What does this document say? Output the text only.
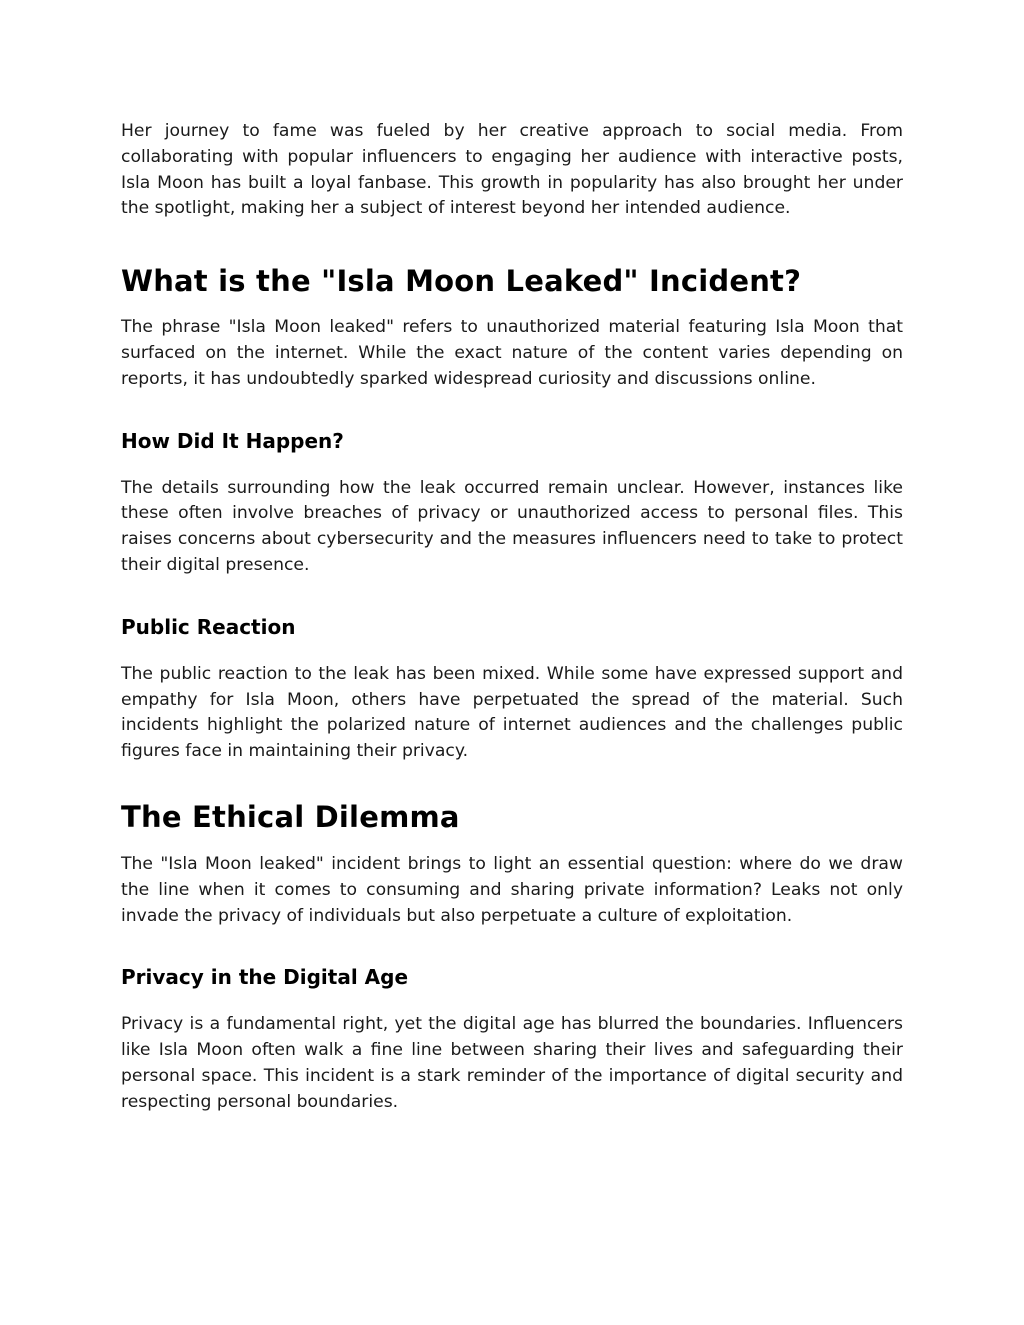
Her journey to fame was fueled by her creative approach to social media. From collaborating with popular influencers to engaging her audience with interactive posts, Isla Moon has built a loyal fanbase. This growth in popularity has also brought her under the spotlight, making her a subject of interest beyond her intended audience.

What is the "Isla Moon Leaked" Incident?

The phrase "Isla Moon leaked" refers to unauthorized material featuring Isla Moon that surfaced on the internet. While the exact nature of the content varies depending on reports, it has undoubtedly sparked widespread curiosity and discussions online.

How Did It Happen?

The details surrounding how the leak occurred remain unclear. However, instances like these often involve breaches of privacy or unauthorized access to personal files. This raises concerns about cybersecurity and the measures influencers need to take to protect their digital presence.

Public Reaction

The public reaction to the leak has been mixed. While some have expressed support and empathy for Isla Moon, others have perpetuated the spread of the material. Such incidents highlight the polarized nature of internet audiences and the challenges public figures face in maintaining their privacy.

The Ethical Dilemma

The "Isla Moon leaked" incident brings to light an essential question: where do we draw the line when it comes to consuming and sharing private information? Leaks not only invade the privacy of individuals but also perpetuate a culture of exploitation.

Privacy in the Digital Age

Privacy is a fundamental right, yet the digital age has blurred the boundaries. Influencers like Isla Moon often walk a fine line between sharing their lives and safeguarding their personal space. This incident is a stark reminder of the importance of digital security and respecting personal boundaries.
